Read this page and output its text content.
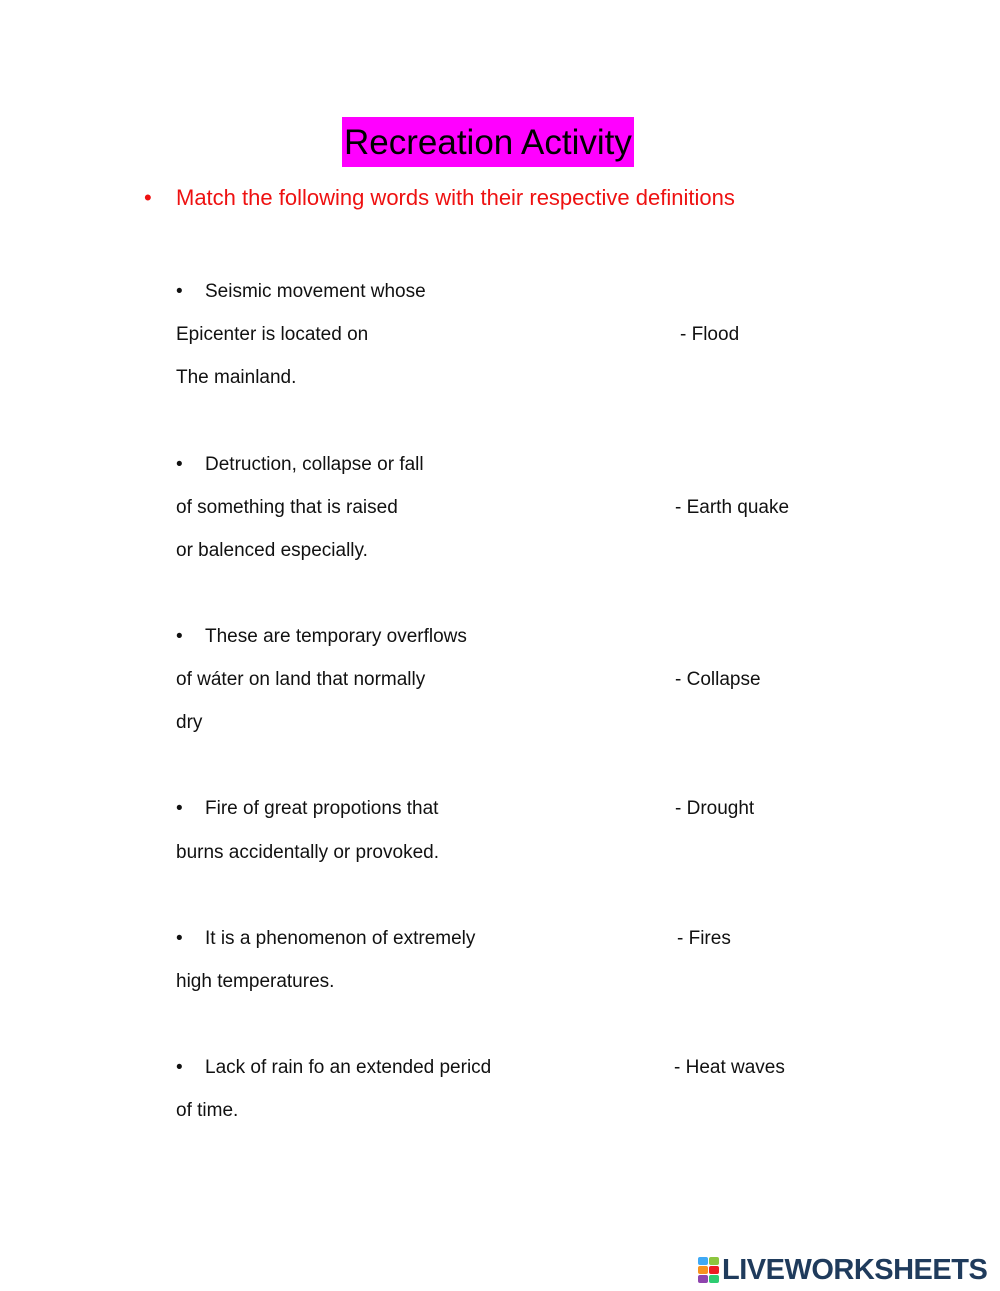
Recreation Activity
• Match the following words with their respective definitions
• Seismic movement whose
Epicenter is located on
The mainland.
- Flood
• Detruction, collapse or fall
of something that is raised
or balenced especially.
- Earth quake
• These are temporary overflows
of wáter on land that normally
dry
- Collapse
• Fire of great propotions that
burns accidentally or provoked.
- Drought
• It is a phenomenon of extremely
high temperatures.
- Fires
• Lack of rain fo an extended pericd
of time.
- Heat waves
LIVEWORKSHEETS
